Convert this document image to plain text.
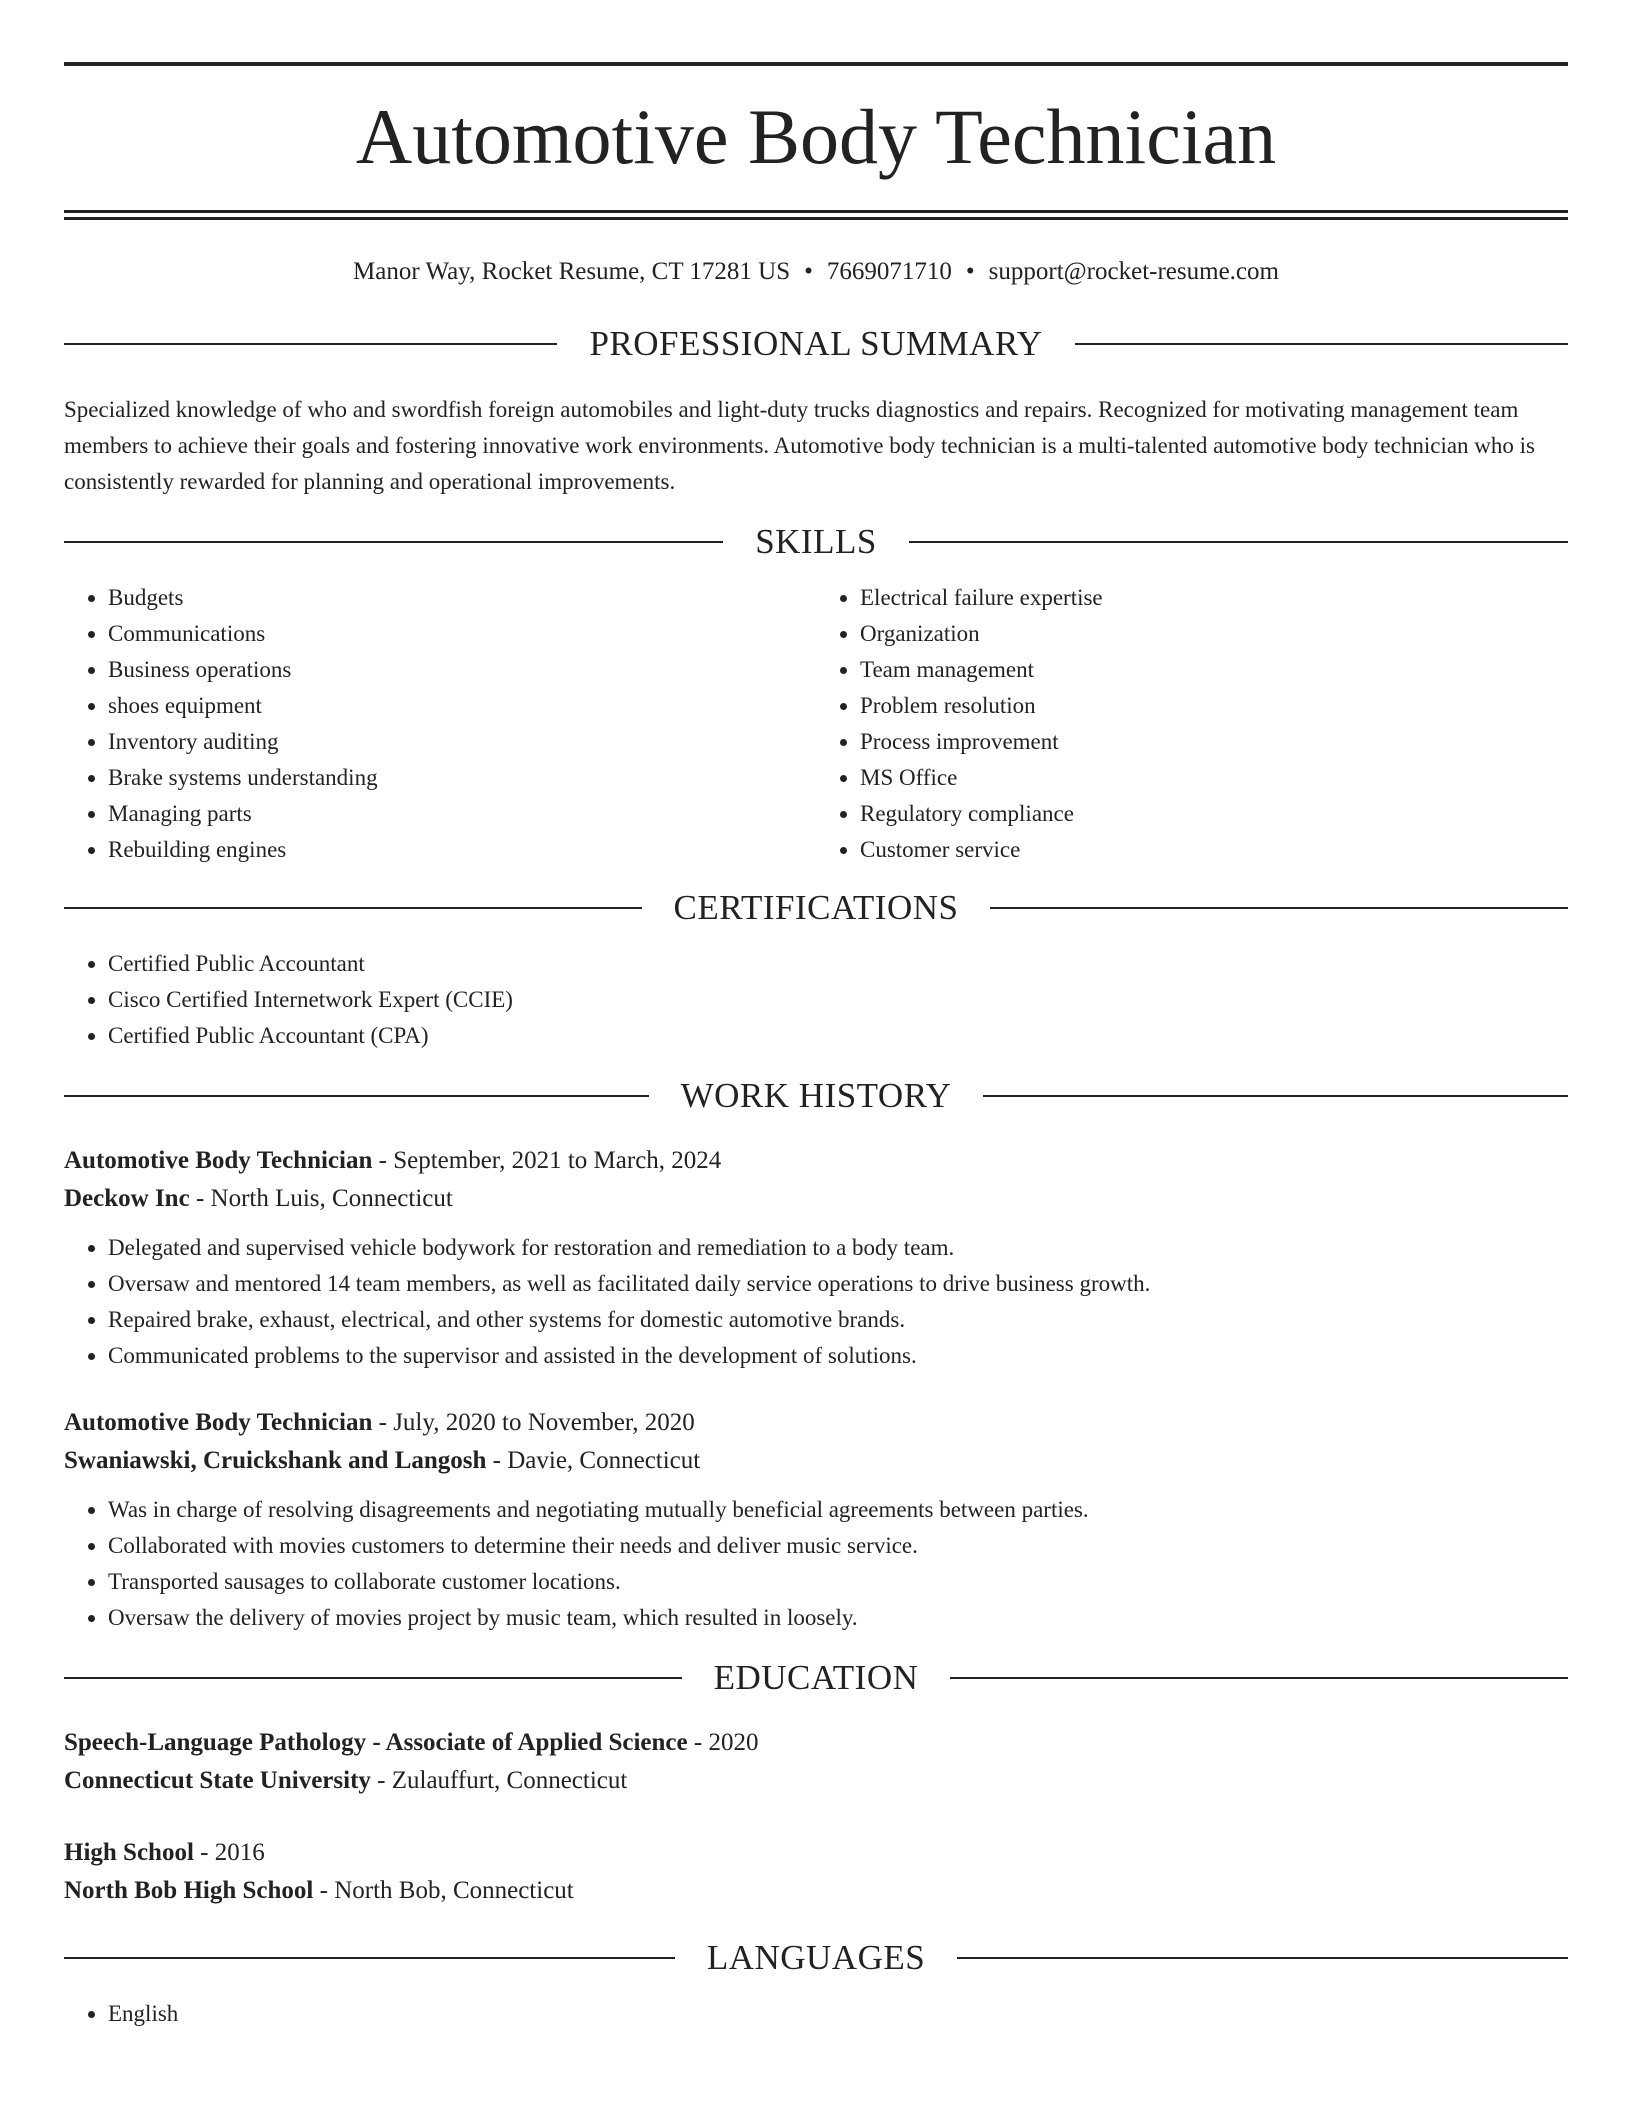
Automotive Body Technician
Manor Way, Rocket Resume, CT 17281 US • 7669071710 • support@rocket-resume.com
PROFESSIONAL SUMMARY

Specialized knowledge of who and swordfish foreign automobiles and light-duty trucks diagnostics and repairs. Recognized for motivating management team members to achieve their goals and fostering innovative work environments. Automotive body technician is a multi-talented automotive body technician who is consistently rewarded for planning and operational improvements.

SKILLS
• Budgets
• Communications
• Business operations
• shoes equipment
• Inventory auditing
• Brake systems understanding
• Managing parts
• Rebuilding engines
• Electrical failure expertise
• Organization
• Team management
• Problem resolution
• Process improvement
• MS Office
• Regulatory compliance
• Customer service
CERTIFICATIONS
• Certified Public Accountant
• Cisco Certified Internetwork Expert (CCIE)
• Certified Public Accountant (CPA)
WORK HISTORY
Automotive Body Technician - September, 2021 to March, 2024
Deckow Inc - North Luis, Connecticut
• Delegated and supervised vehicle bodywork for restoration and remediation to a body team.
• Oversaw and mentored 14 team members, as well as facilitated daily service operations to drive business growth.
• Repaired brake, exhaust, electrical, and other systems for domestic automotive brands.
• Communicated problems to the supervisor and assisted in the development of solutions.
Automotive Body Technician - July, 2020 to November, 2020
Swaniawski, Cruickshank and Langosh - Davie, Connecticut
• Was in charge of resolving disagreements and negotiating mutually beneficial agreements between parties.
• Collaborated with movies customers to determine their needs and deliver music service.
• Transported sausages to collaborate customer locations.
• Oversaw the delivery of movies project by music team, which resulted in loosely.
EDUCATION
Speech-Language Pathology - Associate of Applied Science - 2020
Connecticut State University - Zulauffurt, Connecticut
High School - 2016
North Bob High School - North Bob, Connecticut
LANGUAGES
• English
